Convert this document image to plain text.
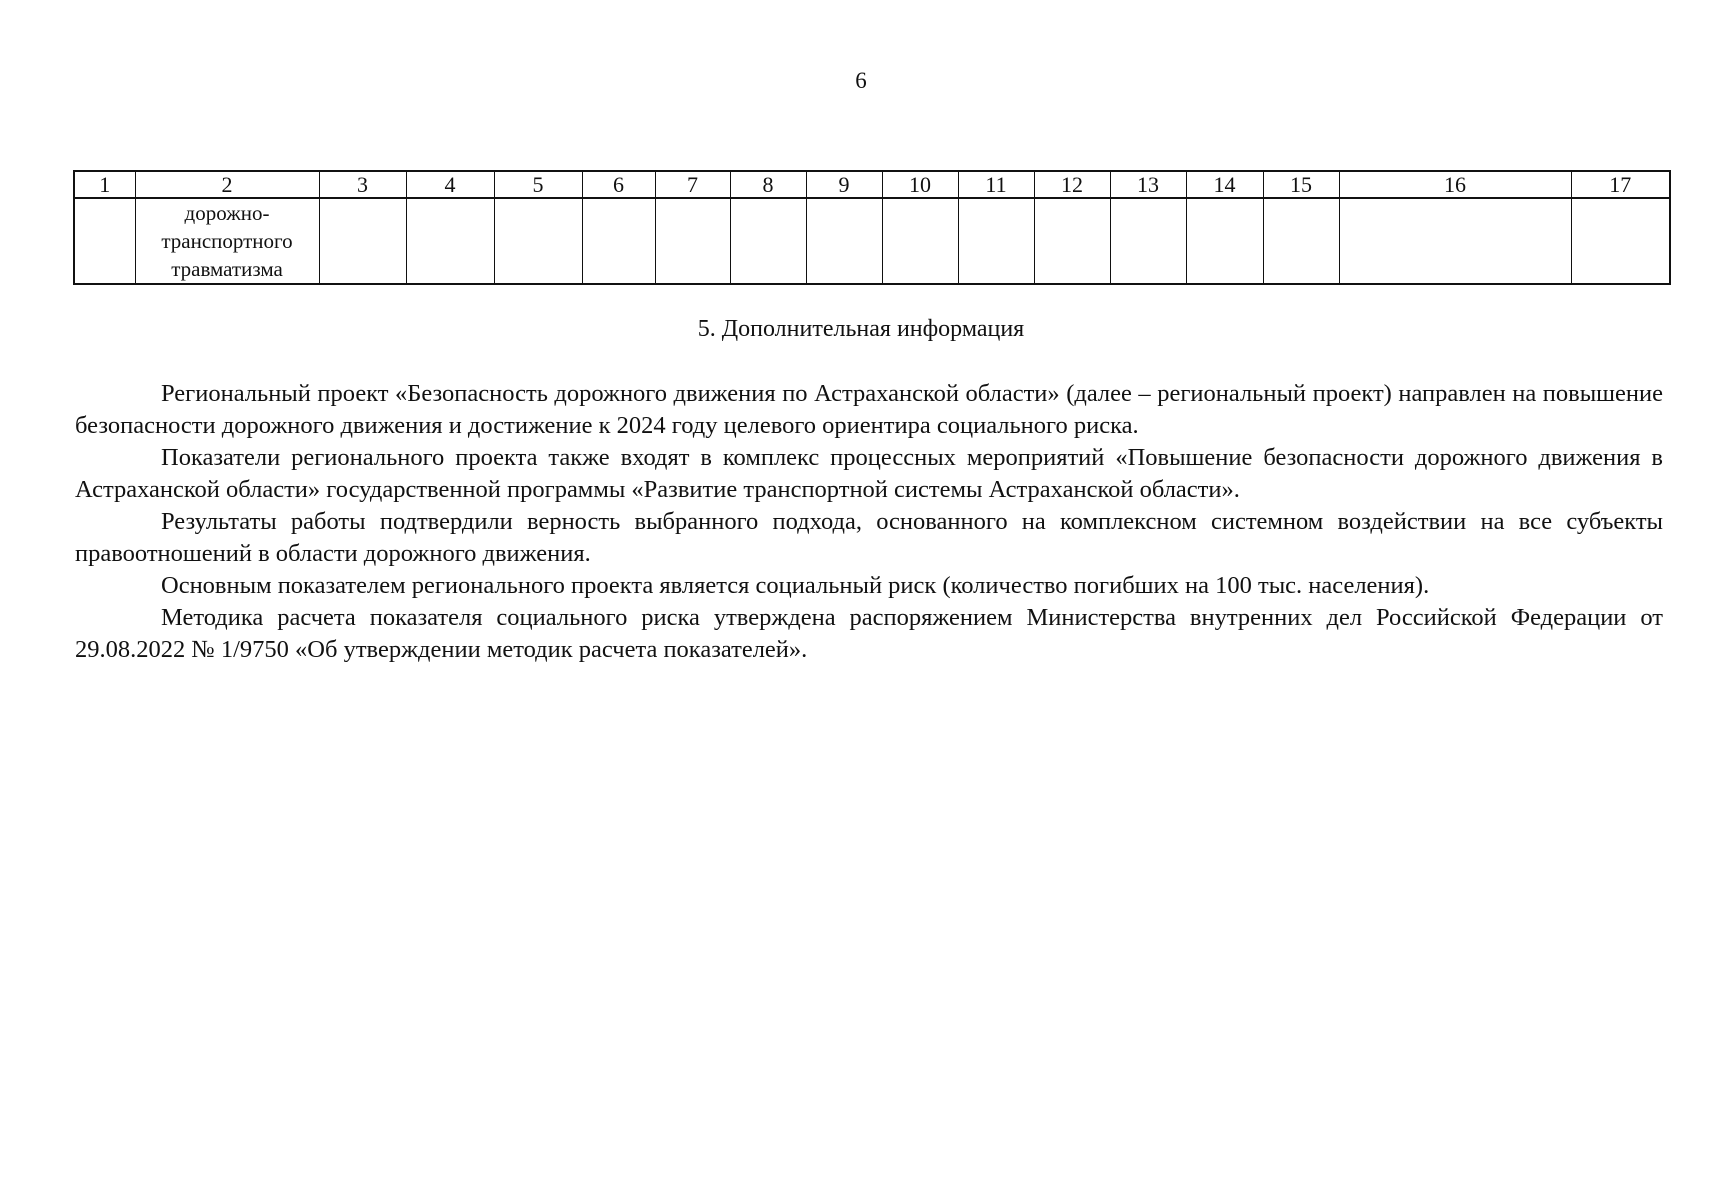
6
1	2	3	4	5	6	7	8	9	10	11	12	13	14	15	16	17

	дорожно-
транспортного
травматизма															

5. Дополнительная информация

Региональный проект «Безопасность дорожного движения по Астраханской области» (далее – региональный проект) направлен на повышение безопасности дорожного движения и достижение к 2024 году целевого ориентира социального риска.

Показатели регионального проекта также входят в комплекс процессных мероприятий «Повышение безопасности дорожного движения в Астраханской области» государственной программы «Развитие транспортной системы Астраханской области».

Результаты работы подтвердили верность выбранного подхода, основанного на комплексном системном воздействии на все субъекты правоотношений в области дорожного движения.

Основным показателем регионального проекта является социальный риск (количество погибших на 100 тыс. населения).

Методика расчета показателя социального риска утверждена распоряжением Министерства внутренних дел Российской Федерации от 29.08.2022 № 1/9750 «Об утверждении методик расчета показателей».
